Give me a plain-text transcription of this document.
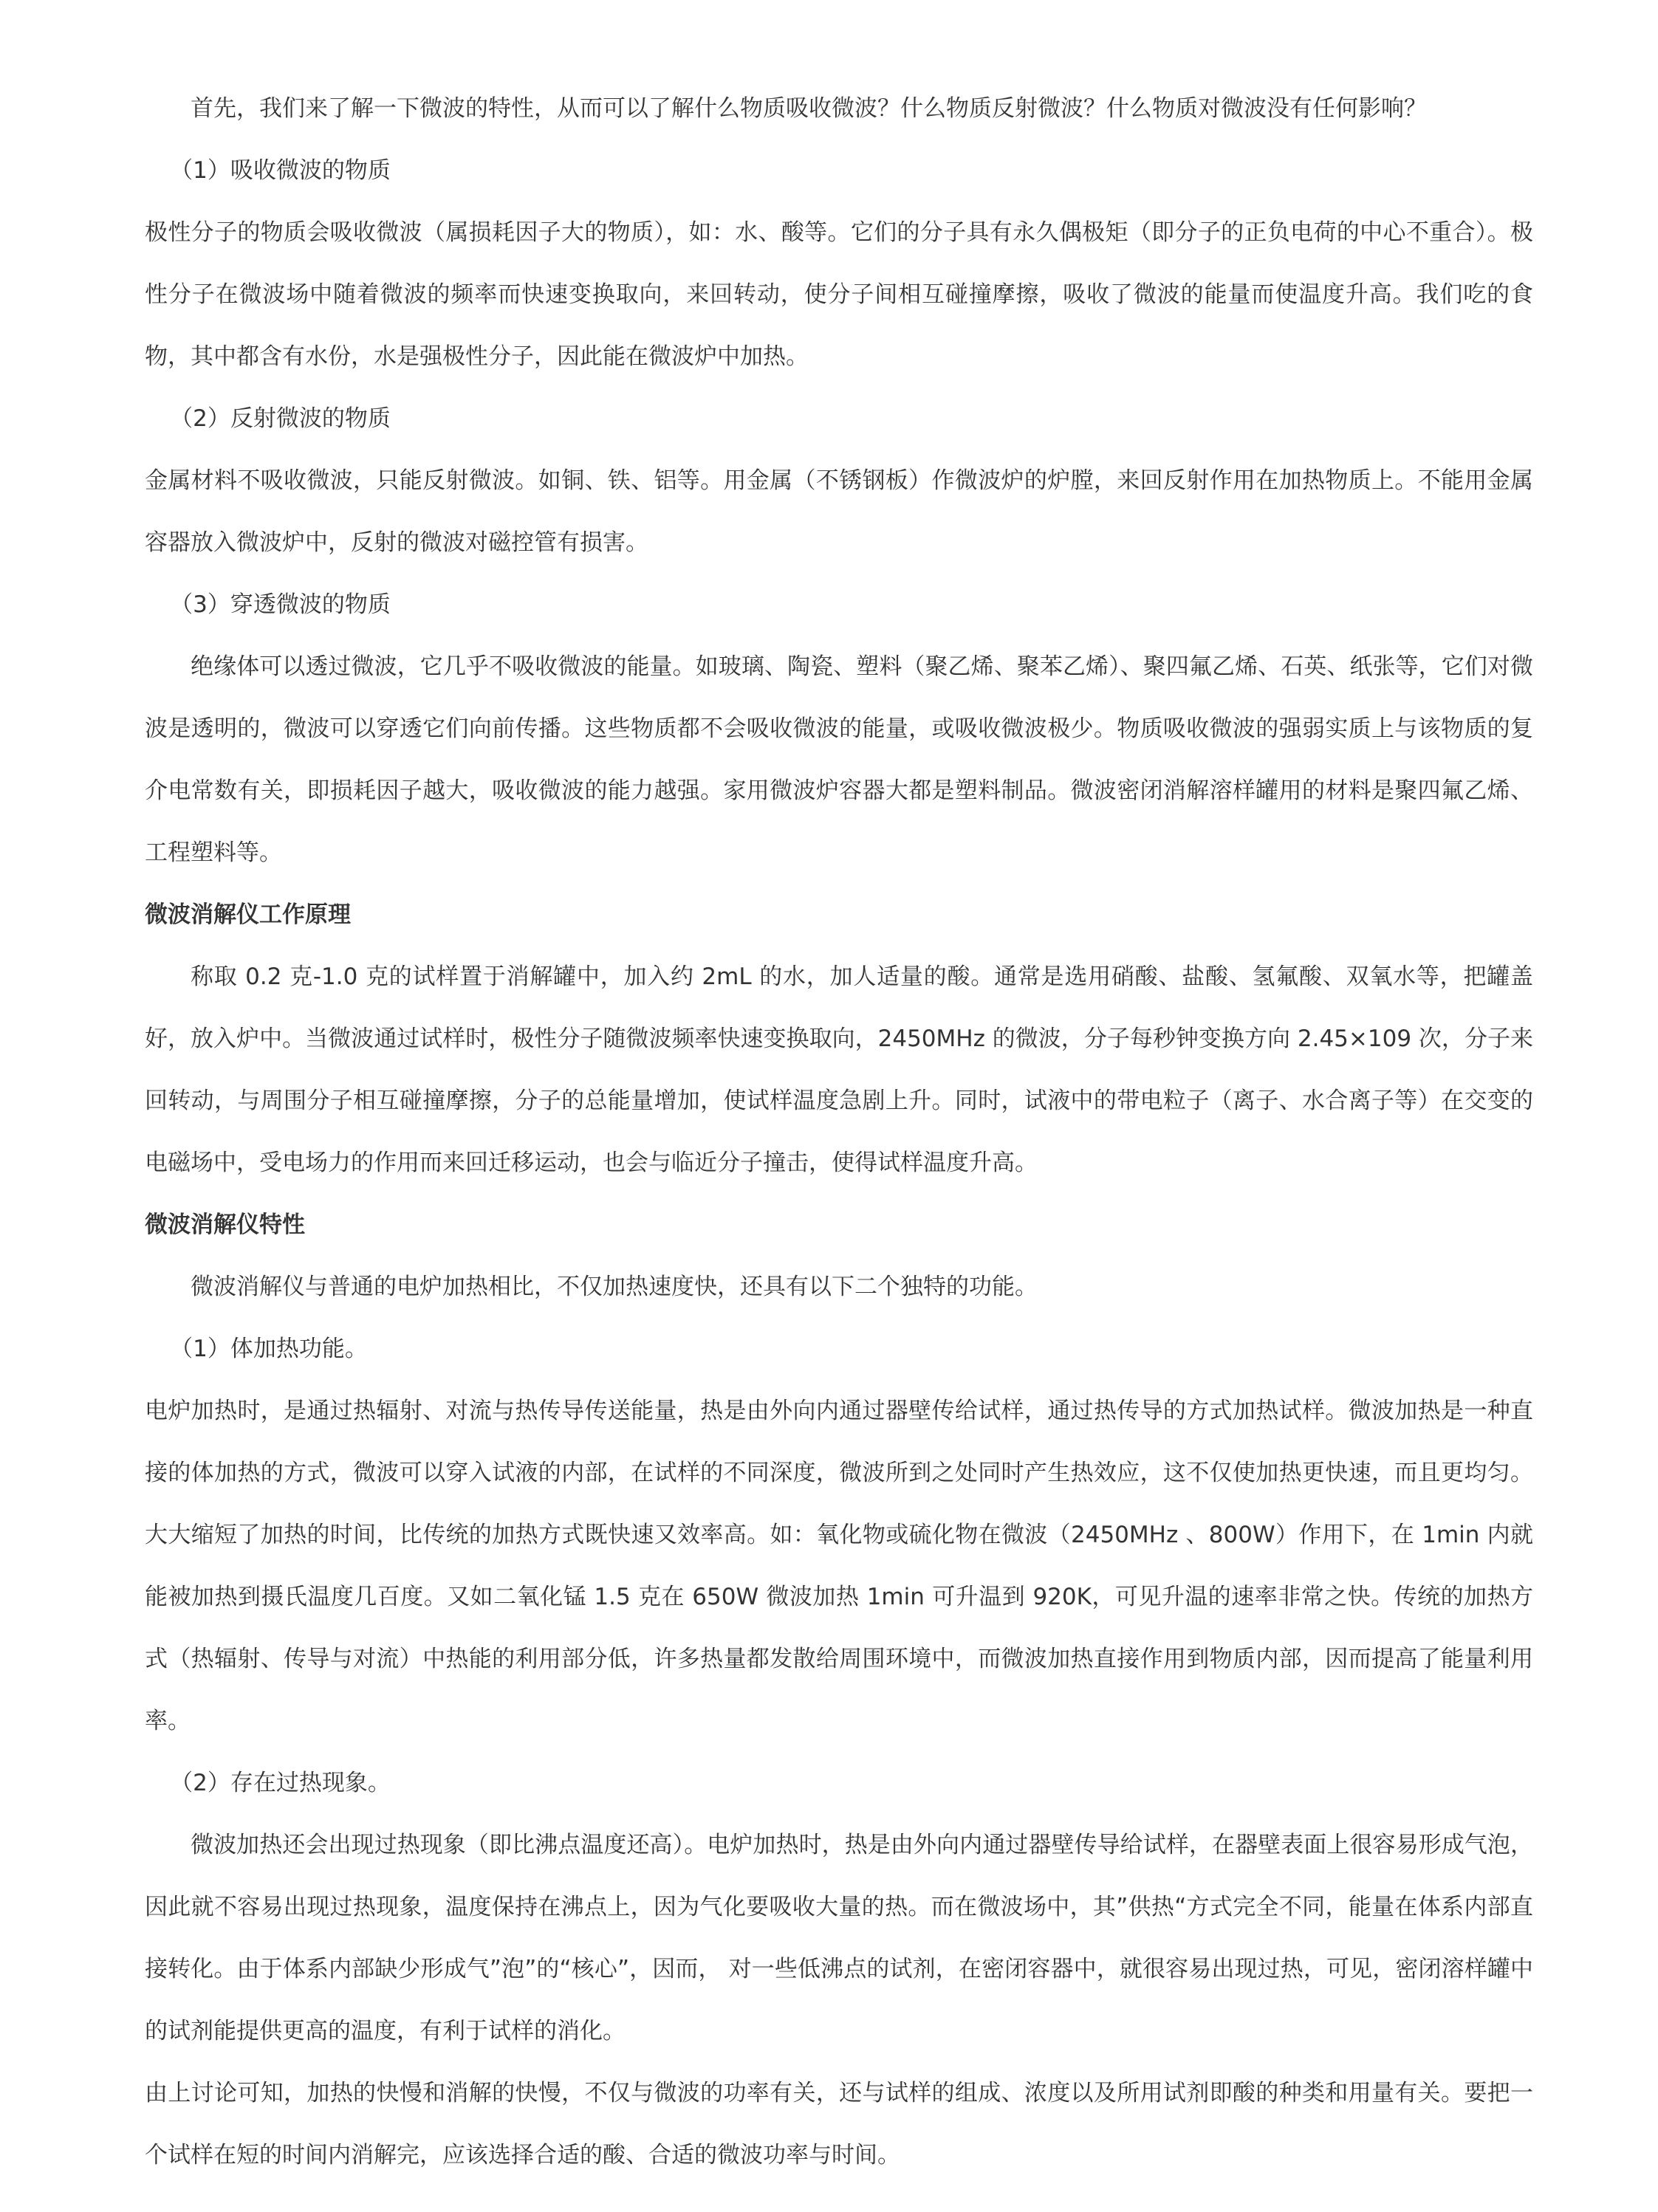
首先，我们来了解一下微波的特性，从而可以了解什么物质吸收微波？什么物质反射微波？什么物质对微波没有任何影响？

（1）吸收微波的物质

极性分子的物质会吸收微波（属损耗因子大的物质），如：水、酸等。它们的分子具有永久偶极矩（即分子的正负电荷的中心不重合）。极性分子在微波场中随着微波的频率而快速变换取向，来回转动，使分子间相互碰撞摩擦，吸收了微波的能量而使温度升高。我们吃的食物，其中都含有水份，水是强极性分子，因此能在微波炉中加热。

（2）反射微波的物质

金属材料不吸收微波，只能反射微波。如铜、铁、铝等。用金属（不锈钢板）作微波炉的炉膛，来回反射作用在加热物质上。不能用金属容器放入微波炉中，反射的微波对磁控管有损害。

（3）穿透微波的物质

绝缘体可以透过微波，它几乎不吸收微波的能量。如玻璃、陶瓷、塑料（聚乙烯、聚苯乙烯）、聚四氟乙烯、石英、纸张等，它们对微波是透明的，微波可以穿透它们向前传播。这些物质都不会吸收微波的能量，或吸收微波极少。物质吸收微波的强弱实质上与该物质的复介电常数有关，即损耗因子越大，吸收微波的能力越强。家用微波炉容器大都是塑料制品。微波密闭消解溶样罐用的材料是聚四氟乙烯、工程塑料等。

微波消解仪工作原理

称取 0.2 克-1.0 克的试样置于消解罐中，加入约 2mL 的水，加人适量的酸。通常是选用硝酸、盐酸、氢氟酸、双氧水等，把罐盖好，放入炉中。当微波通过试样时，极性分子随微波频率快速变换取向，2450MHz 的微波，分子每秒钟变换方向 2.45×109 次，分子来回转动，与周围分子相互碰撞摩擦，分子的总能量增加，使试样温度急剧上升。同时，试液中的带电粒子（离子、水合离子等）在交变的电磁场中，受电场力的作用而来回迁移运动，也会与临近分子撞击，使得试样温度升高。

微波消解仪特性

微波消解仪与普通的电炉加热相比，不仅加热速度快，还具有以下二个独特的功能。

（1）体加热功能。

电炉加热时，是通过热辐射、对流与热传导传送能量，热是由外向内通过器壁传给试样，通过热传导的方式加热试样。微波加热是一种直接的体加热的方式，微波可以穿入试液的内部，在试样的不同深度，微波所到之处同时产生热效应，这不仅使加热更快速，而且更均匀。大大缩短了加热的时间，比传统的加热方式既快速又效率高。如：氧化物或硫化物在微波（2450MHz 、800W）作用下，在 1min 内就能被加热到摄氏温度几百度。又如二氧化锰 1.5 克在 650W 微波加热 1min 可升温到 920K，可见升温的速率非常之快。传统的加热方式（热辐射、传导与对流）中热能的利用部分低，许多热量都发散给周围环境中，而微波加热直接作用到物质内部，因而提高了能量利用率。

（2）存在过热现象。

微波加热还会出现过热现象（即比沸点温度还高）。电炉加热时，热是由外向内通过器壁传导给试样，在器壁表面上很容易形成气泡，因此就不容易出现过热现象，温度保持在沸点上，因为气化要吸收大量的热。而在微波场中，其”供热“方式完全不同，能量在体系内部直接转化。由于体系内部缺少形成气”泡”的“核心”，因而， 对一些低沸点的试剂，在密闭容器中，就很容易出现过热，可见，密闭溶样罐中的试剂能提供更高的温度，有利于试样的消化。

由上讨论可知，加热的快慢和消解的快慢，不仅与微波的功率有关，还与试样的组成、浓度以及所用试剂即酸的种类和用量有关。要把一个试样在短的时间内消解完，应该选择合适的酸、合适的微波功率与时间。
